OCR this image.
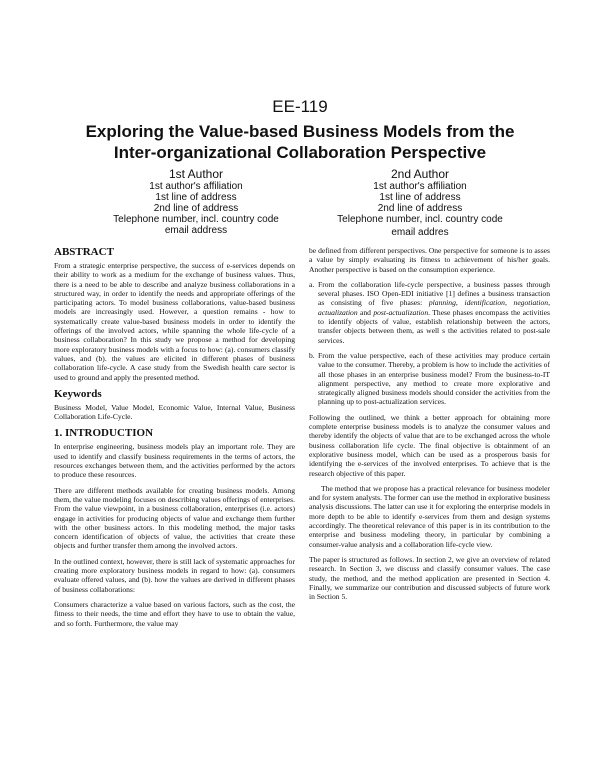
EE-119
Exploring the Value-based Business Models from the
Inter-organizational Collaboration Perspective
1st Author
1st author's affiliation
1st line of address
2nd line of address
Telephone number, incl. country code
email address
2nd Author
1st author's affiliation
1st line of address
2nd line of address
Telephone number, incl. country code
email addres
ABSTRACT

From a strategic enterprise perspective, the success of e-services depends on their ability to work as a medium for the exchange of business values. Thus, there is a need to be able to describe and analyze business collaborations in a structured way, in order to identify the needs and appropriate offerings of the participating actors. To model business collaborations, value-based business models are increasingly used. However, a question remains - how to systematically create value-based business models in order to identify the offerings of the involved actors, while spanning the whole life-cycle of a business collaboration? In this study we propose a method for developing more exploratory business models with a focus to how: (a). consumers classify values, and (b). the values are elicited in different phases of business collaboration life-cycle. A case study from the Swedish health care sector is used to ground and apply the presented method.

Keywords

Business Model, Value Model, Economic Value, Internal Value, Business Collaboration Life-Cycle.

1. INTRODUCTION

In enterprise engineering, business models play an important role. They are used to identify and classify business requirements in the terms of actors, the resources exchanges between them, and the activities performed by the actors to produce these resources.

There are different methods available for creating business models. Among them, the value modeling focuses on describing values offerings of enterprises. From the value viewpoint, in a business collaboration, enterprises (i.e. actors) engage in activities for producing objects of value and exchange them further with the other business actors. In this modeling method, the major tasks concern identification of objects of value, the activities that create these objects and further transfer them among the involved actors.

In the outlined context, however, there is still lack of systematic approaches for creating more exploratory business models in regard to how: (a). consumers evaluate offered values, and (b). how the values are derived in different phases of business collaborations:

Consumers characterize a value based on various factors, such as the cost, the fitness to their needs, the time and effort they have to use to obtain the value, and so forth. Furthermore, the value may

be defined from different perspectives. One perspective for someone is to asses a value by simply evaluating its fitness to achievement of his/her goals. Another perspective is based on the consumption experience.

a. From the collaboration life-cycle perspective, a business passes through several phases. ISO Open-EDI initiative [1] defines a business transaction as consisting of five phases: planning, identification, negotiation, actualization and post-actualization. These phases encompass the activities to identify objects of value, establish relationship between the actors, transfer objects between them, as well s the activities related to post-sale services.
b. From the value perspective, each of these activities may produce certain value to the consumer. Thereby, a problem is how to include the activities of all those phases in an enterprise business model? From the business-to-IT alignment perspective, any method to create more explorative and strategically aligned business models should consider the activities from the planning up to post-actualization services.

Following the outlined, we think a better approach for obtaining more complete enterprise business models is to analyze the consumer values and thereby identify the objects of value that are to be exchanged across the whole business collaboration life cycle. The final objective is obtainment of an explorative business model, which can be used as a prosperous basis for identifying the e-services of the involved enterprises. To achieve that is the research objective of this paper.

The method that we propose has a practical relevance for business modeler and for system analysts. The former can use the method in explorative business analysis discussions. The latter can use it for exploring the enterprise models in more depth to be able to identify e-services from them and design systems accordingly. The theoretical relevance of this paper is in its contribution to the enterprise and business modeling theory, in particular by combining a consumer-value analysis and a collaboration life-cycle view.

The paper is structured as follows. In section 2, we give an overview of related research. In Section 3, we discuss and classify consumer values. The case study, the method, and the method application are presented in Section 4. Finally, we summarize our contribution and discussed subjects of future work in Section 5.
